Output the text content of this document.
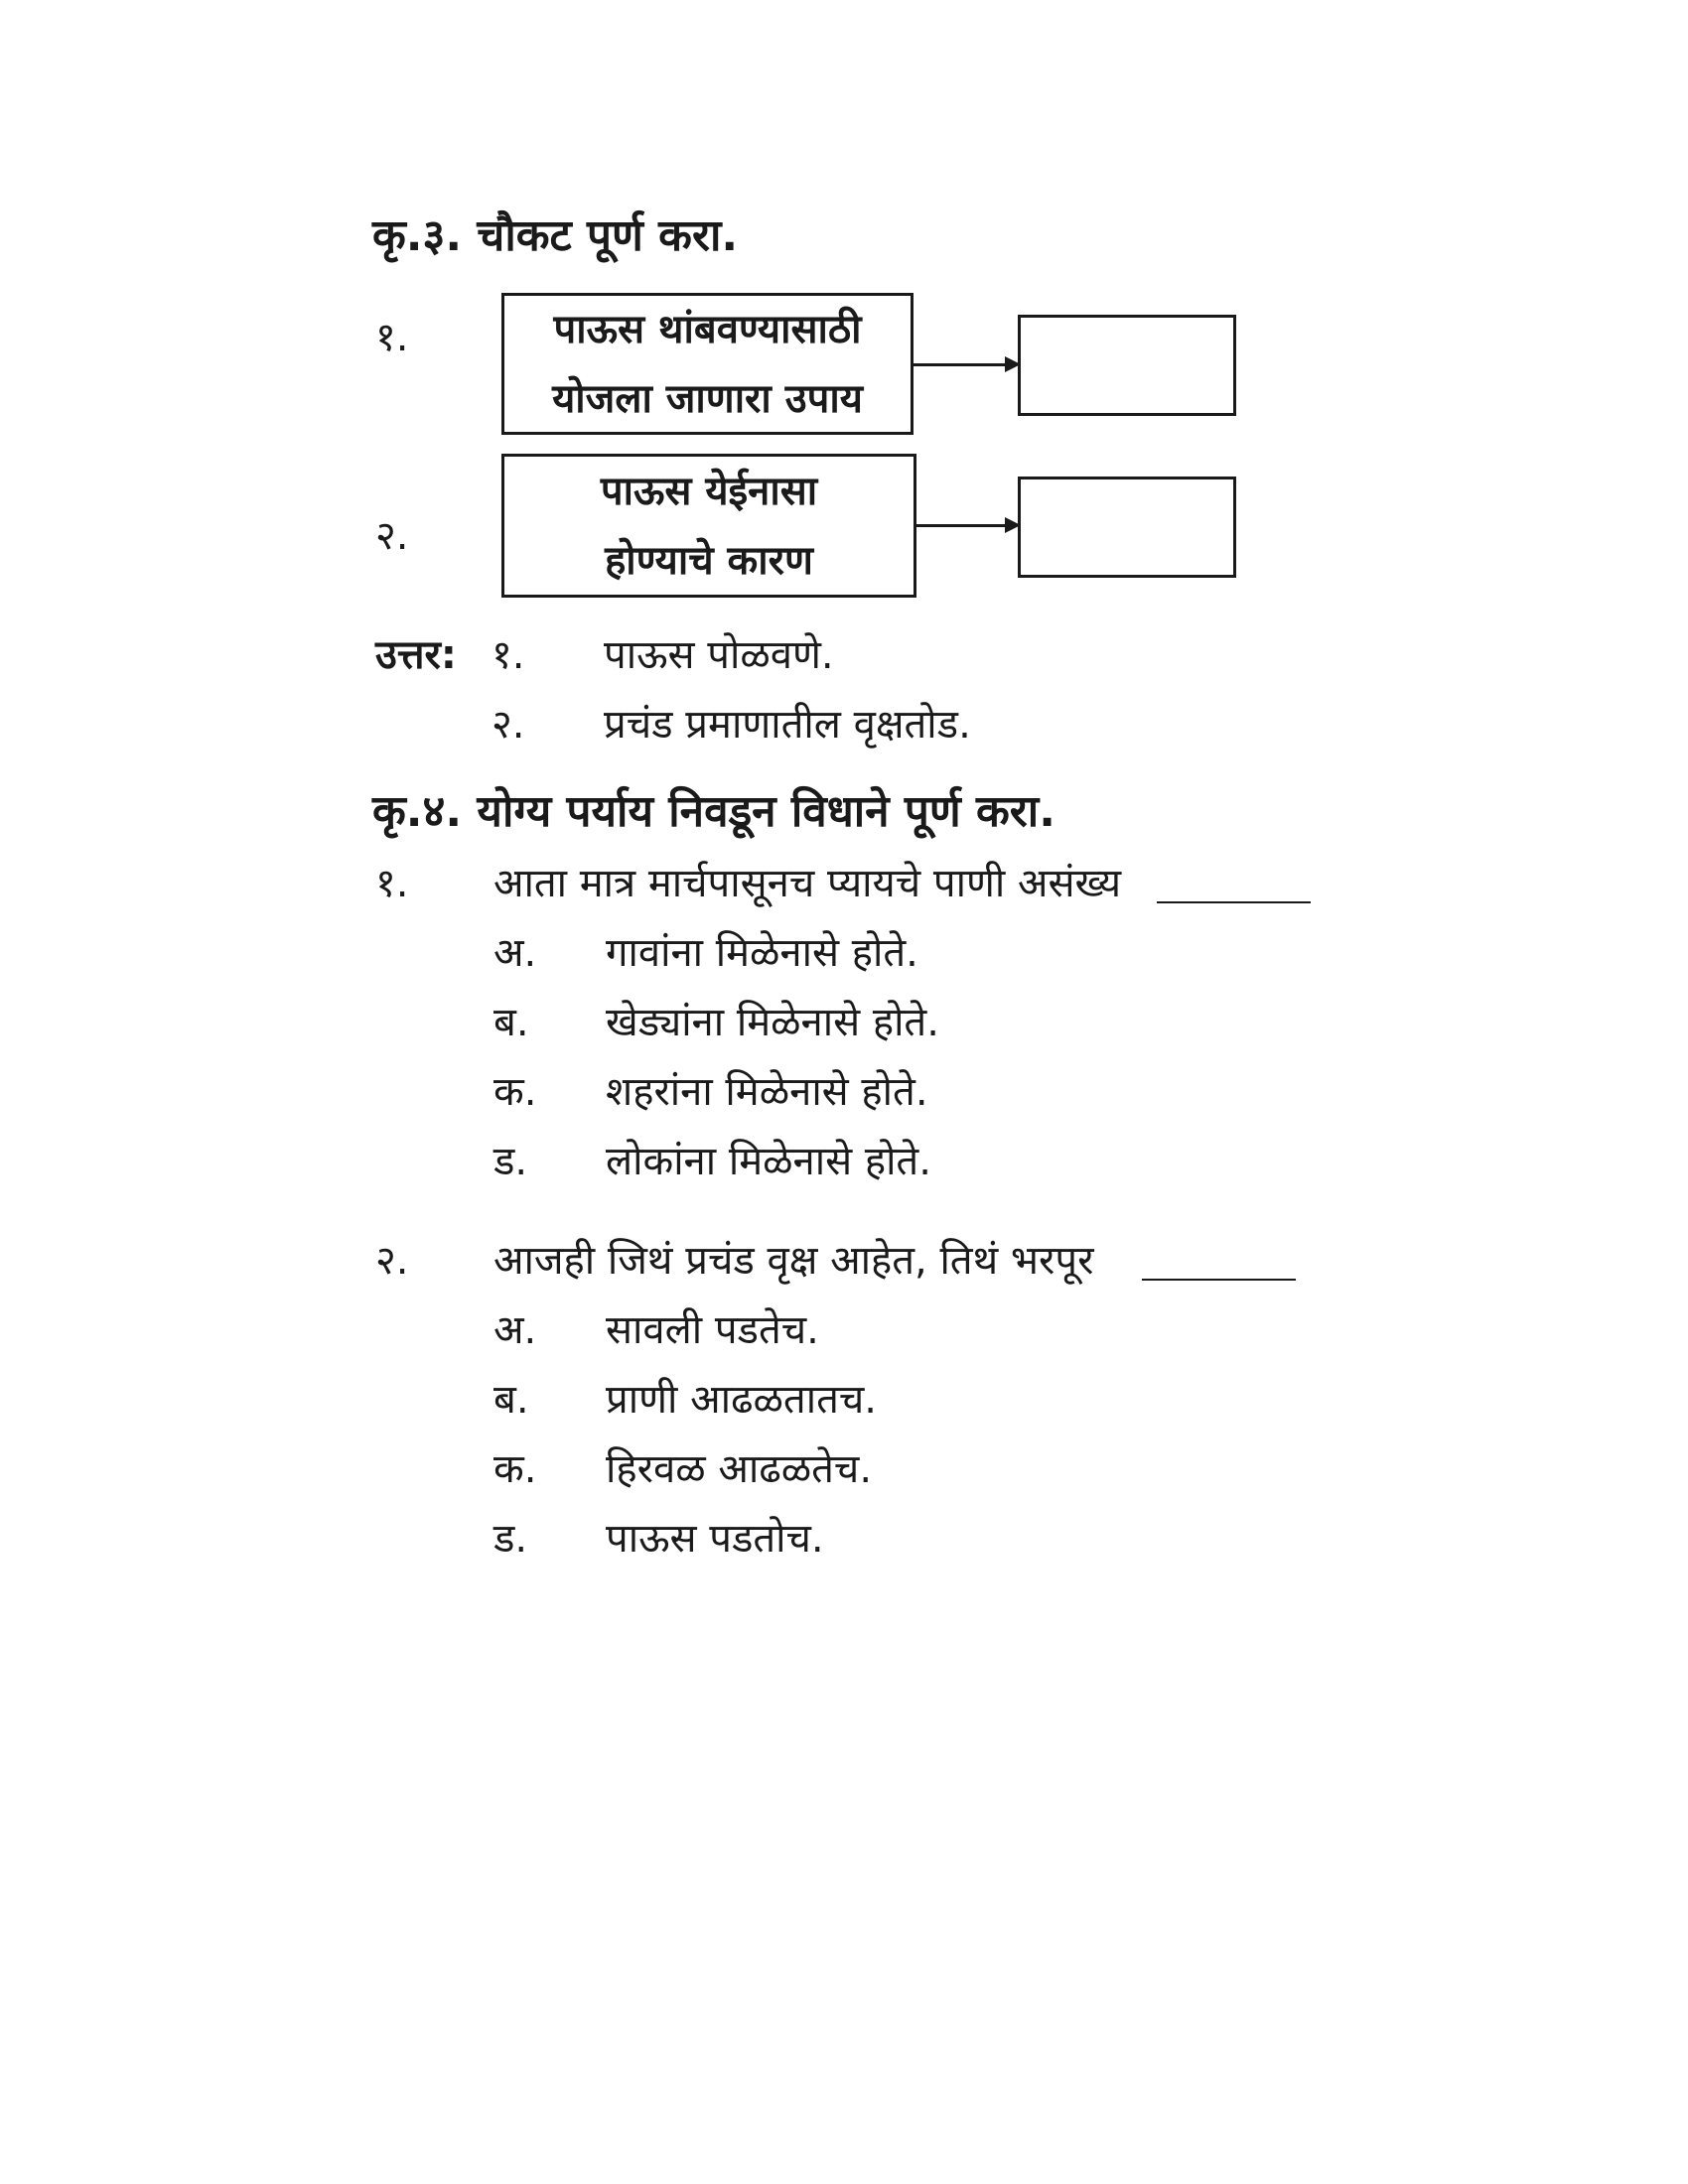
कृ.३. चौकट पूर्ण करा.
१.	पाऊस थांबवण्यासाठी
योजला जाणारा उपाय
२.
पाऊस येईनासा
होण्याचे कारण
उत्तर: १. पाऊस पोळवणे.
२. प्रचंड प्रमाणातील वृक्षतोड.
कृ.४. योग्य पर्याय निवडून विधाने पूर्ण करा.
१. आता मात्र मार्चपासूनच प्यायचे पाणी असंख्य
अ. गावांना मिळेनासे होते.
ब. खेड्यांना मिळेनासे होते.
क. शहरांना मिळेनासे होते.
ड. लोकांना मिळेनासे होते.
२. आजही जिथं प्रचंड वृक्ष आहेत, तिथं भरपूर
अ. सावली पडतेच.
ब. प्राणी आढळतातच.
क. हिरवळ आढळतेच.
ड. पाऊस पडतोच.
